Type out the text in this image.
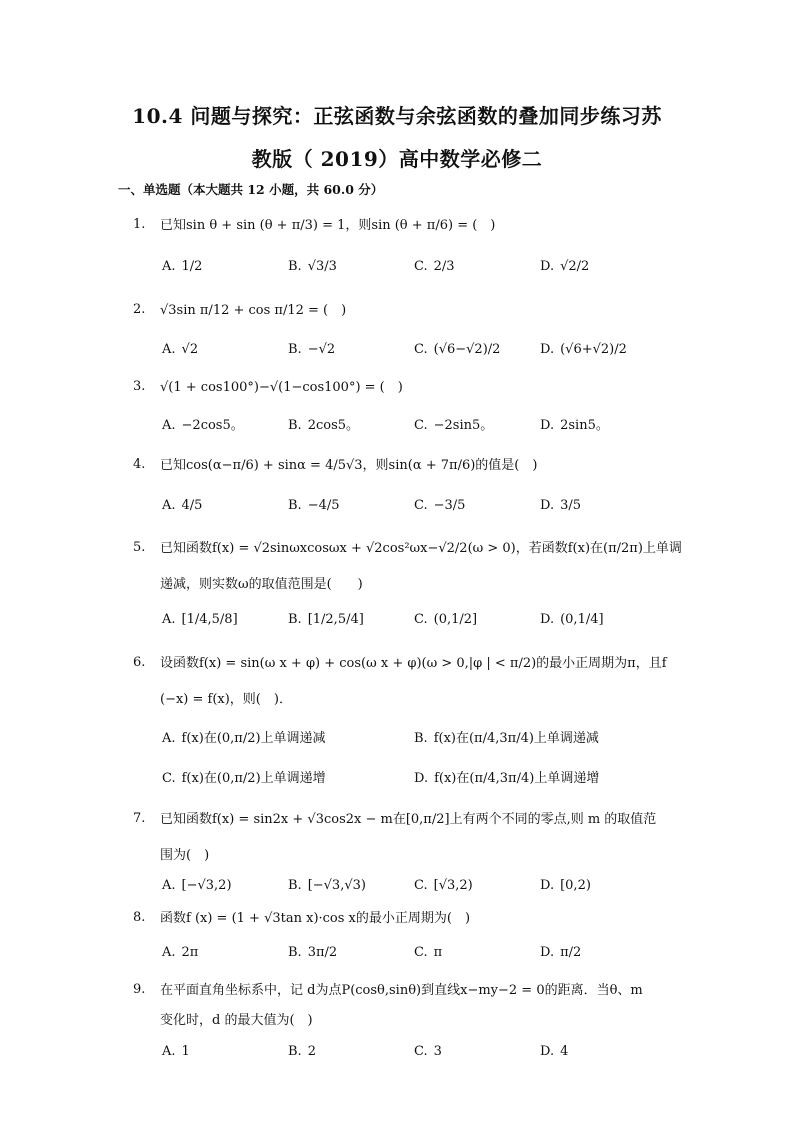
10.4 问题与探究：正弦函数与余弦函数的叠加同步练习苏
教版（ 2019）高中数学必修二
一、单选题（本大题共 12 小题，共 60.0 分）
1.	已知sin θ + sin (θ + π/3) = 1，则sin (θ + π/6) = (　)
A. 1/2	B. √3/3	C. 2/3	D. √2/2
2.	√3sin π/12 + cos π/12 = (　)
A. √2	B. −√2	C. (√6−√2)/2	D. (√6+√2)/2
3.	√(1 + cos100°)−√(1−cos100°) = (　)
A. −2cos5。	B. 2cos5。	C. −2sin5。	D. 2sin5。
4.	已知cos(α−π/6) + sinα = 4/5√3，则sin(α + 7π/6)的值是(　)
A. 4/5	B. −4/5	C. −3/5	D. 3/5
5.	已知函数f(x) = √2sinωxcosωx + √2cos²ωx−√2/2(ω > 0)，若函数f(x)在(π/2π)上单调
递减，则实数ω的取值范围是(　　)
A. [1/4,5/8]	B. [1/2,5/4]	C. (0,1/2]	D. (0,1/4]
6.	设函数f(x) = sin(ω x + φ) + cos(ω x + φ)(ω > 0,|φ | < π/2)的最小正周期为π，且f
(−x) = f(x)，则(　)．
A. f(x)在(0,π/2)上单调递减	B. f(x)在(π/4,3π/4)上单调递减
C. f(x)在(0,π/2)上单调递增	D. f(x)在(π/4,3π/4)上单调递增
7.	已知函数f(x) = sin2x + √3cos2x − m在[0,π/2]上有两个不同的零点,则 m 的取值范
围为(　)
A. [−√3,2)	B. [−√3,√3)	C. [√3,2)	D. [0,2)
8.	函数f (x) = (1 + √3tan x)·cos x的最小正周期为(　)
A. 2π	B. 3π/2	C. π	D. π/2
9.	在平面直角坐标系中，记 d为点P(cosθ,sinθ)到直线x−my−2 = 0的距离．当θ、m
变化时，d 的最大值为(　)
A. 1	B. 2	C. 3	D. 4
